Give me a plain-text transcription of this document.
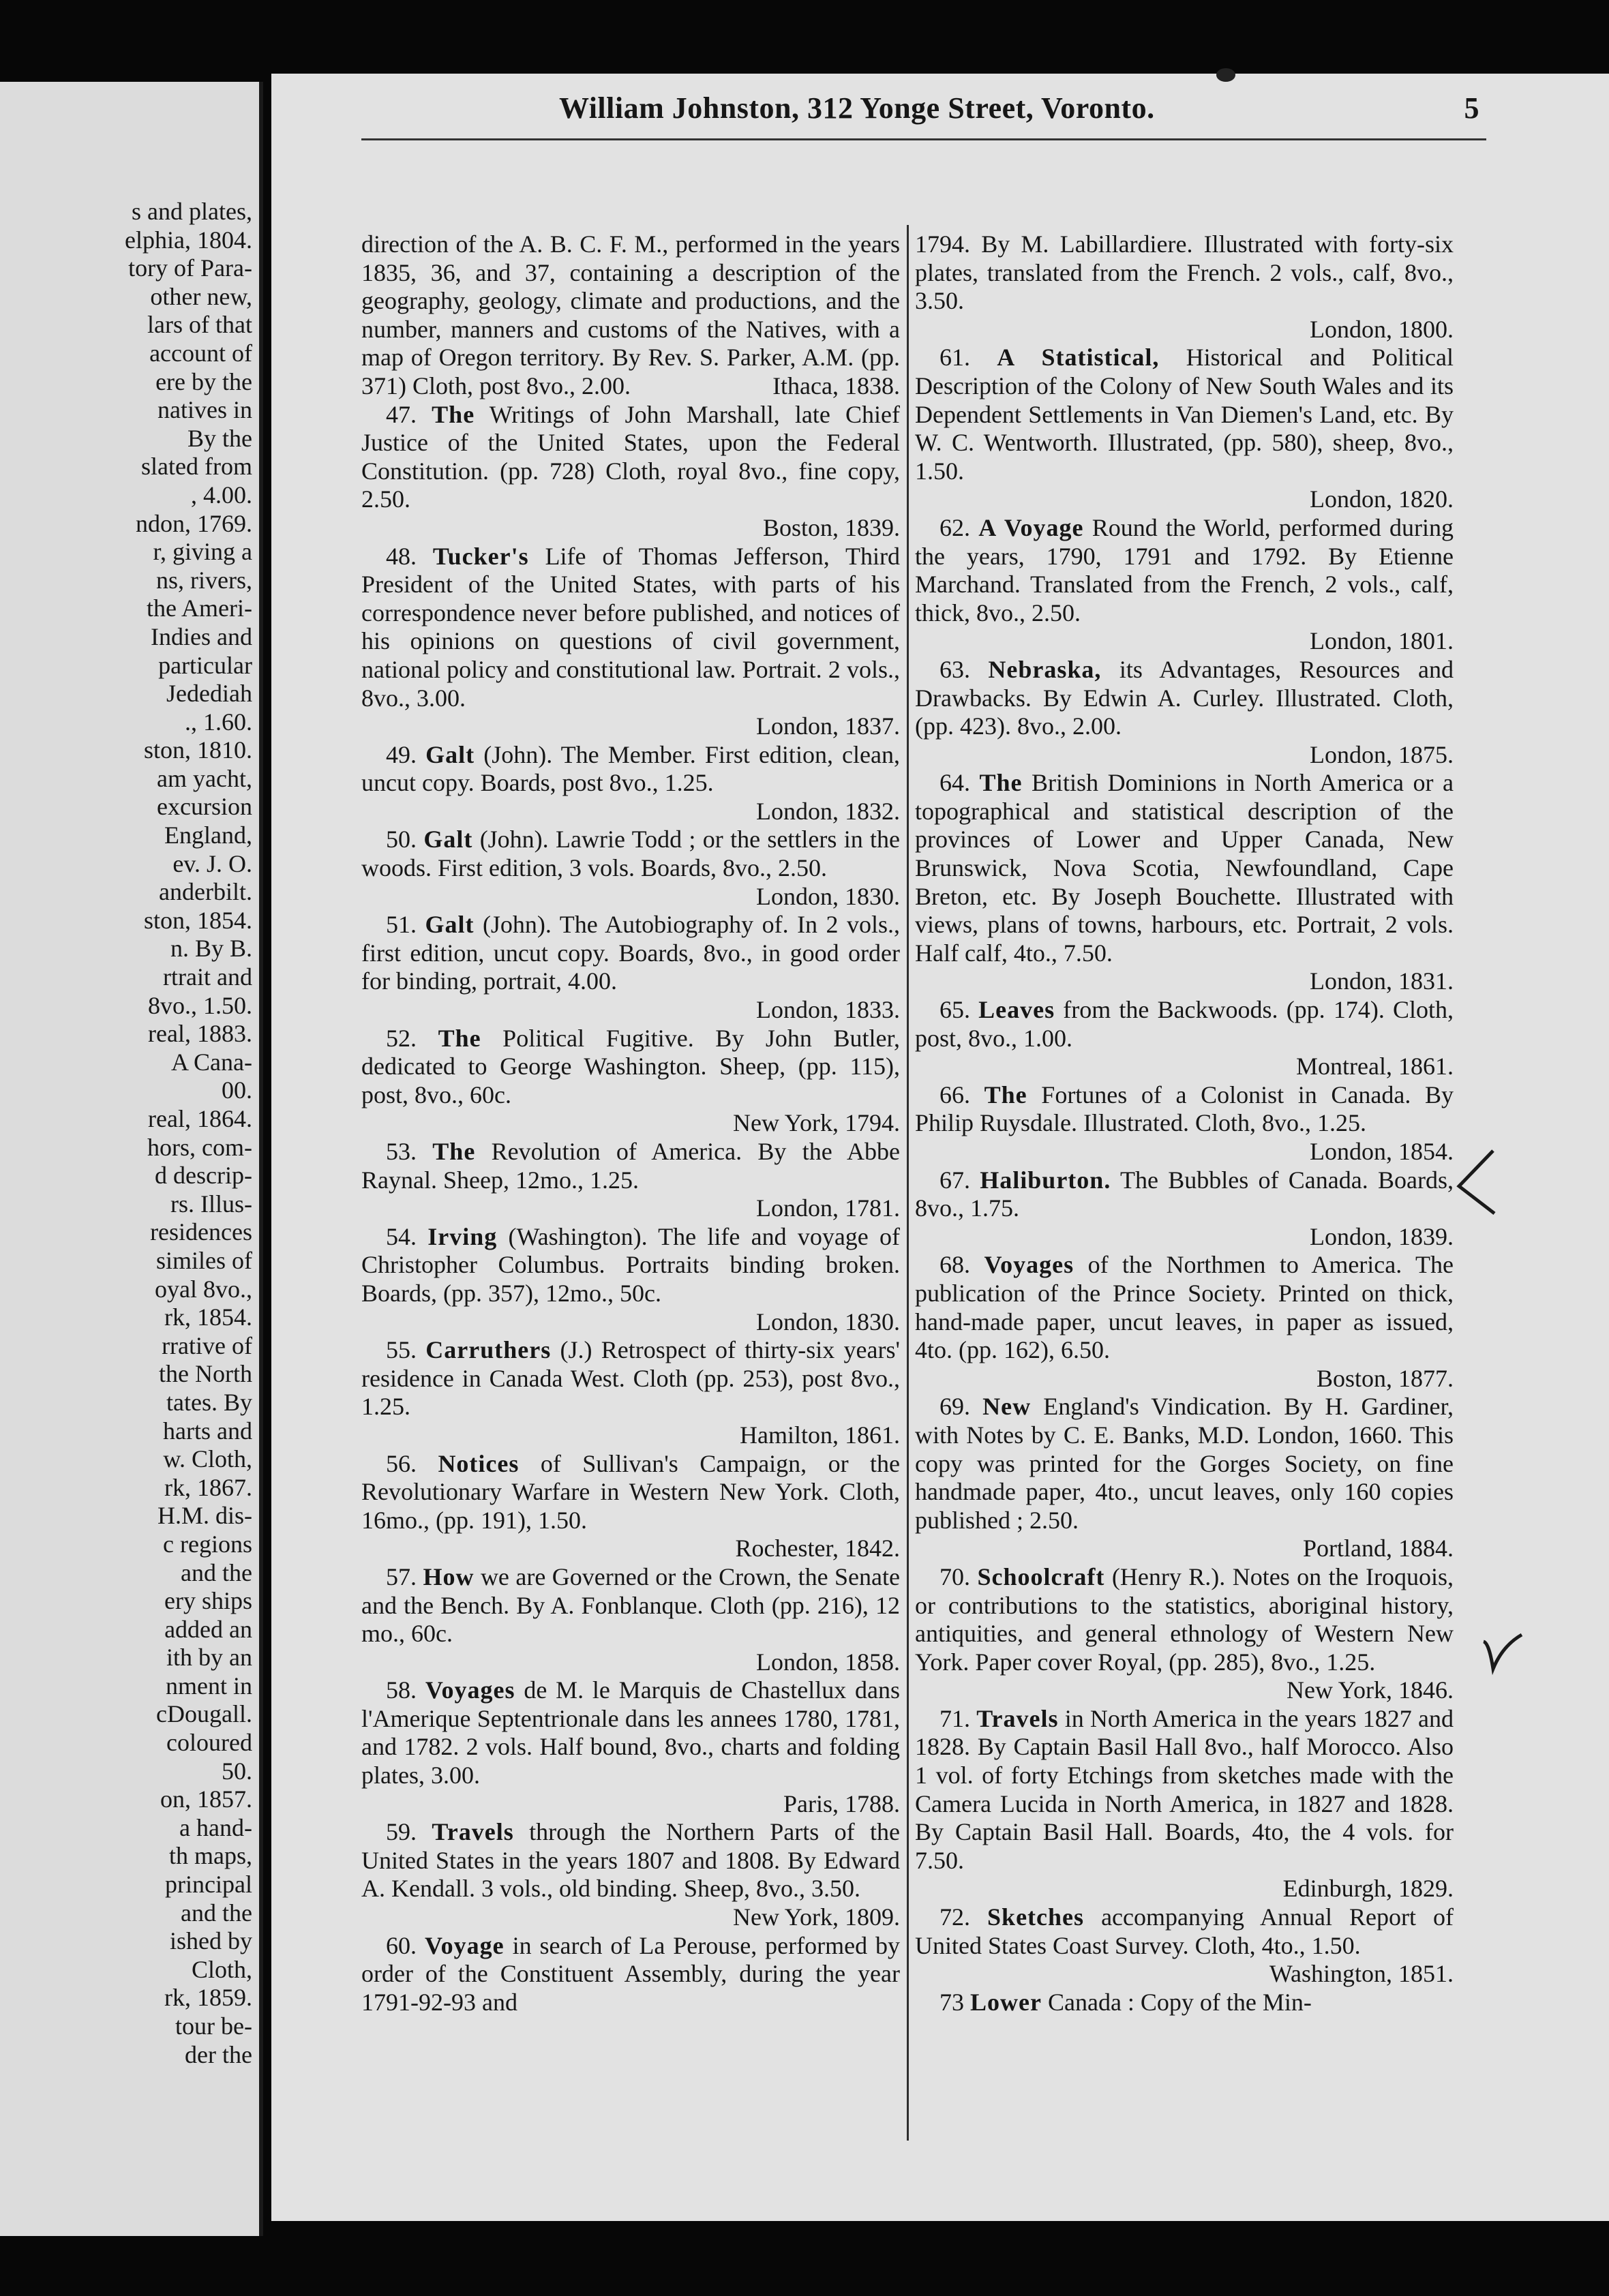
s and plates,
elphia, 1804.
tory of Para-
other new,
lars of that
account of
ere by the
natives in
By the
slated from
, 4.00.
ndon, 1769.
r, giving a
ns, rivers,
the Ameri-
Indies and
particular
Jedediah
., 1.60.
ston, 1810.
am yacht,
excursion
England,
ev. J. O.
anderbilt.
ston, 1854.
n. By B.
rtrait and
8vo., 1.50.
real, 1883.
A Cana-
00.
real, 1864.
hors, com-
d descrip-
rs. Illus-
residences
similes of
oyal 8vo.,
rk, 1854.
rrative of
the North
tates. By
harts and
w. Cloth,
rk, 1867.
H.M. dis-
c regions
and the
ery ships
added an
ith by an
nment in
cDougall.
coloured
50.
on, 1857.
a hand-
th maps,
principal
and the
ished by
Cloth,
rk, 1859.
tour be-
der the
William Johnston, 312 Yonge Street, Voronto.	5

direction of the A. B. C. F. M., performed in the years 1835, 36, and 37, containing a description of the geography, geology, climate and productions, and the number, manners and customs of the Natives, with a map of Oregon territory. By Rev. S. Parker, A.M. (pp. 371) Cloth, post 8vo., 2.00.	Ithaca, 1838.

47. The Writings of John Marshall, late Chief Justice of the United States, upon the Federal Constitution. (pp. 728) Cloth, royal 8vo., fine copy, 2.50.
Boston, 1839.

48. Tucker's Life of Thomas Jefferson, Third President of the United States, with parts of his correspondence never before published, and notices of his opinions on questions of civil government, national policy and constitutional law. Portrait. 2 vols., 8vo., 3.00.
London, 1837.

49. Galt (John). The Member. First edition, clean, uncut copy. Boards, post 8vo., 1.25.
London, 1832.

50. Galt (John). Lawrie Todd ; or the settlers in the woods. First edition, 3 vols. Boards, 8vo., 2.50.
London, 1830.

51. Galt (John). The Autobiography of. In 2 vols., first edition, uncut copy. Boards, 8vo., in good order for binding, portrait, 4.00.
London, 1833.

52. The Political Fugitive. By John Butler, dedicated to George Washington. Sheep, (pp. 115), post, 8vo., 60c.
New York, 1794.

53. The Revolution of America. By the Abbe Raynal. Sheep, 12mo., 1.25.
London, 1781.

54. Irving (Washington). The life and voyage of Christopher Columbus. Portraits binding broken. Boards, (pp. 357), 12mo., 50c.
London, 1830.

55. Carruthers (J.) Retrospect of thirty-six years' residence in Canada West. Cloth (pp. 253), post 8vo., 1.25.
Hamilton, 1861.

56. Notices of Sullivan's Campaign, or the Revolutionary Warfare in Western New York. Cloth, 16mo., (pp. 191), 1.50.
Rochester, 1842.

57. How we are Governed or the Crown, the Senate and the Bench. By A. Fonblanque. Cloth (pp. 216), 12 mo., 60c.
London, 1858.

58. Voyages de M. le Marquis de Chastellux dans l'Amerique Septentrionale dans les annees 1780, 1781, and 1782. 2 vols. Half bound, 8vo., charts and folding plates, 3.00.
Paris, 1788.

59. Travels through the Northern Parts of the United States in the years 1807 and 1808. By Edward A. Kendall. 3 vols., old binding. Sheep, 8vo., 3.50.
New York, 1809.

60. Voyage in search of La Perouse, performed by order of the Constituent Assembly, during the year 1791-92-93 and

1794. By M. Labillardiere. Illustrated with forty-six plates, translated from the French. 2 vols., calf, 8vo., 3.50.
London, 1800.

61. A Statistical, Historical and Political Description of the Colony of New South Wales and its Dependent Settlements in Van Diemen's Land, etc. By W. C. Wentworth. Illustrated, (pp. 580), sheep, 8vo., 1.50.
London, 1820.

62. A Voyage Round the World, performed during the years, 1790, 1791 and 1792. By Etienne Marchand. Translated from the French, 2 vols., calf, thick, 8vo., 2.50.
London, 1801.

63. Nebraska, its Advantages, Resources and Drawbacks. By Edwin A. Curley. Illustrated. Cloth, (pp. 423). 8vo., 2.00.
London, 1875.

64. The British Dominions in North America or a topographical and statistical description of the provinces of Lower and Upper Canada, New Brunswick, Nova Scotia, Newfoundland, Cape Breton, etc. By Joseph Bouchette. Illustrated with views, plans of towns, harbours, etc. Portrait, 2 vols. Half calf, 4to., 7.50.
London, 1831.

65. Leaves from the Backwoods. (pp. 174). Cloth, post, 8vo., 1.00.
Montreal, 1861.

66. The Fortunes of a Colonist in Canada. By Philip Ruysdale. Illustrated. Cloth, 8vo., 1.25.
London, 1854.

67. Haliburton. The Bubbles of Canada. Boards, 8vo., 1.75.
London, 1839.

68. Voyages of the Northmen to America. The publication of the Prince Society. Printed on thick, hand-made paper, uncut leaves, in paper as issued, 4to. (pp. 162), 6.50.
Boston, 1877.

69. New England's Vindication. By H. Gardiner, with Notes by C. E. Banks, M.D. London, 1660. This copy was printed for the Gorges Society, on fine handmade paper, 4to., uncut leaves, only 160 copies published ; 2.50.
Portland, 1884.

70. Schoolcraft (Henry R.). Notes on the Iroquois, or contributions to the statistics, aboriginal history, antiquities, and general ethnology of Western New York. Paper cover Royal, (pp. 285), 8vo., 1.25.
New York, 1846.

71. Travels in North America in the years 1827 and 1828. By Captain Basil Hall 8vo., half Morocco. Also 1 vol. of forty Etchings from sketches made with the Camera Lucida in North America, in 1827 and 1828. By Captain Basil Hall. Boards, 4to, the 4 vols. for 7.50.
Edinburgh, 1829.

72. Sketches accompanying Annual Report of United States Coast Survey. Cloth, 4to., 1.50.
Washington, 1851.

73 Lower Canada : Copy of the Min-
